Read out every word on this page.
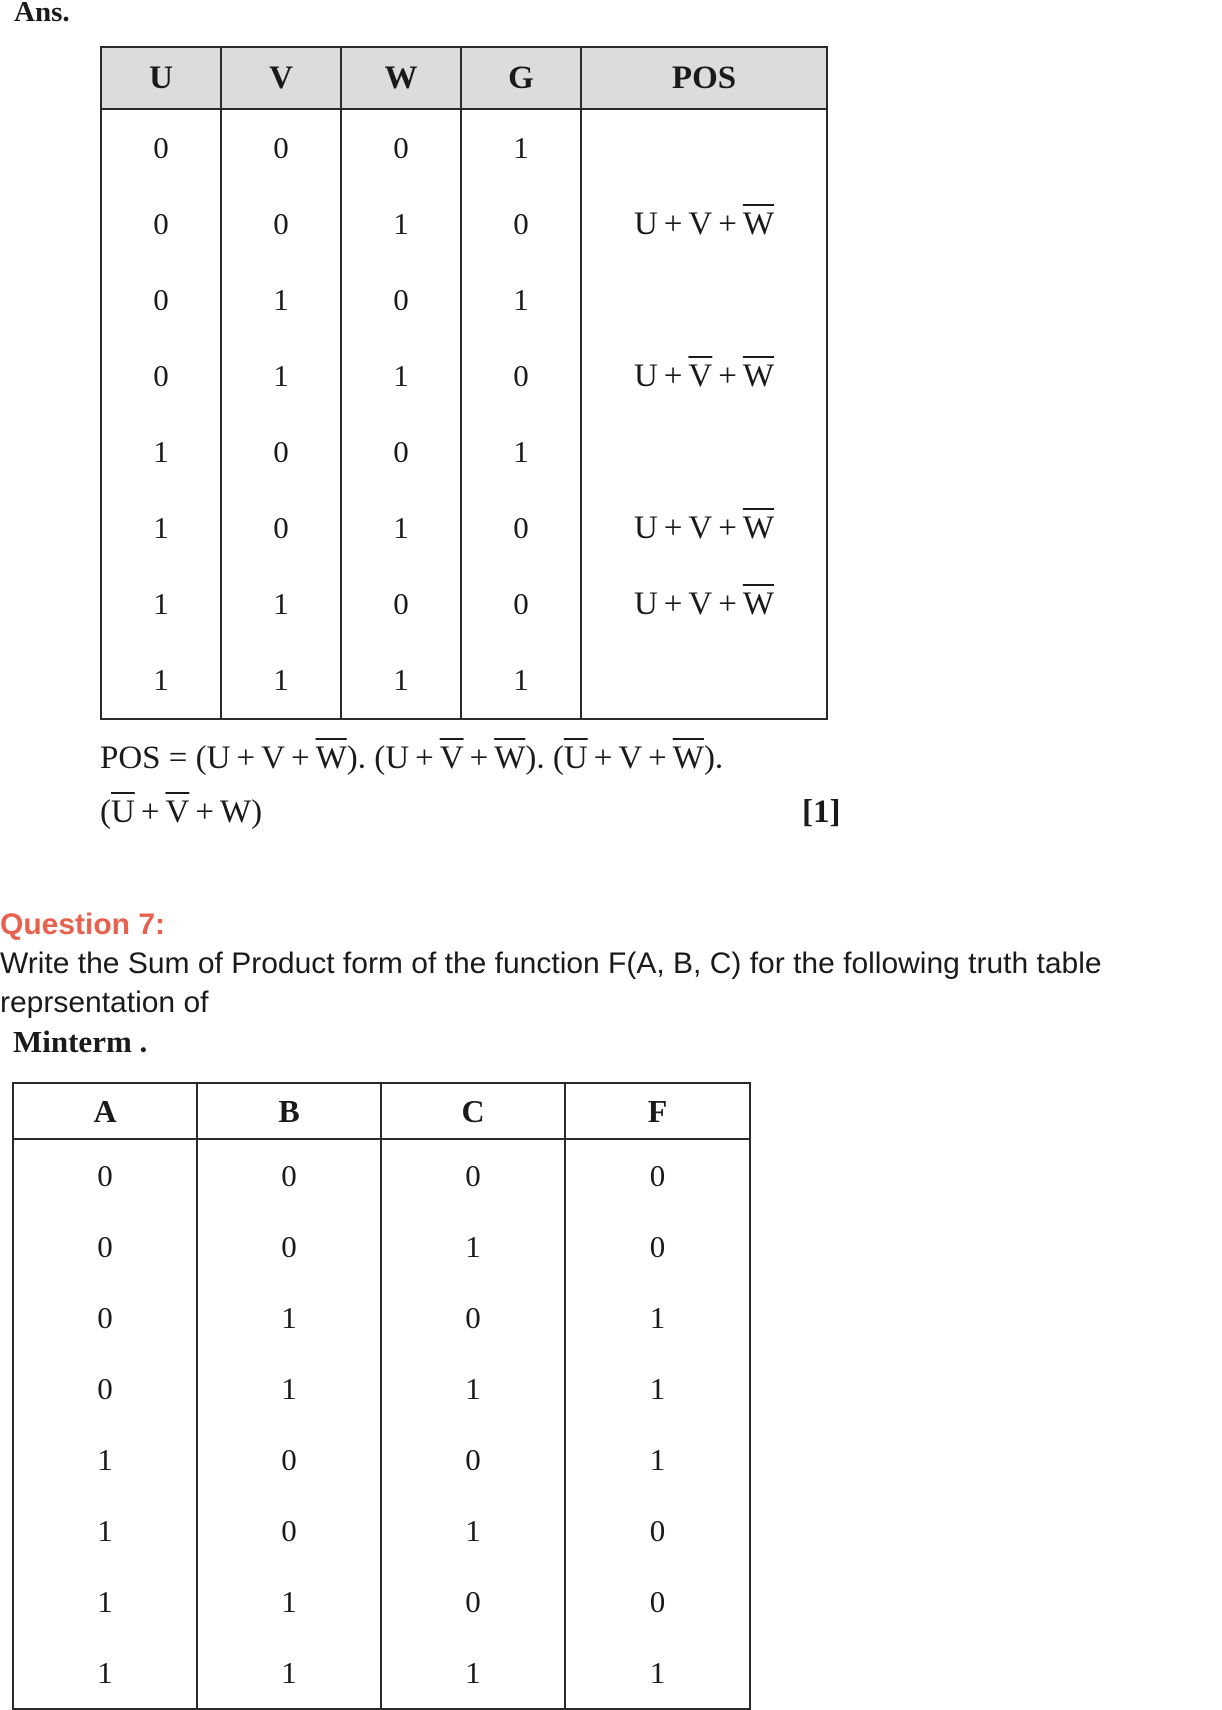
Ans.
U	V	W	G	POS
0	0	0	1	
0	0	1	0	$U + V + \overline{W}$
0	1	0	1	
0	1	1	0	$U + \overline{V} + \overline{W}$
1	0	0	1	
1	0	1	0	$U + V + \overline{W}$
1	1	0	0	$U + V + \overline{W}$
1	1	1	1	
POS = $(U + V + \overline{W})$. $(U + \overline{V} + \overline{W})$. $(\overline{U} + V + \overline{W})$.
$(\overline{U} + \overline{V} + W)$	[1]
Question 7:
Write the Sum of Product form of the function F(A, B, C) for the following truth table reprsentation of
Minterm .
A	B	C	F
0	0	0	0
0	0	1	0
0	1	0	1
0	1	1	1
1	0	0	1
1	0	1	0
1	1	0	0
1	1	1	1
